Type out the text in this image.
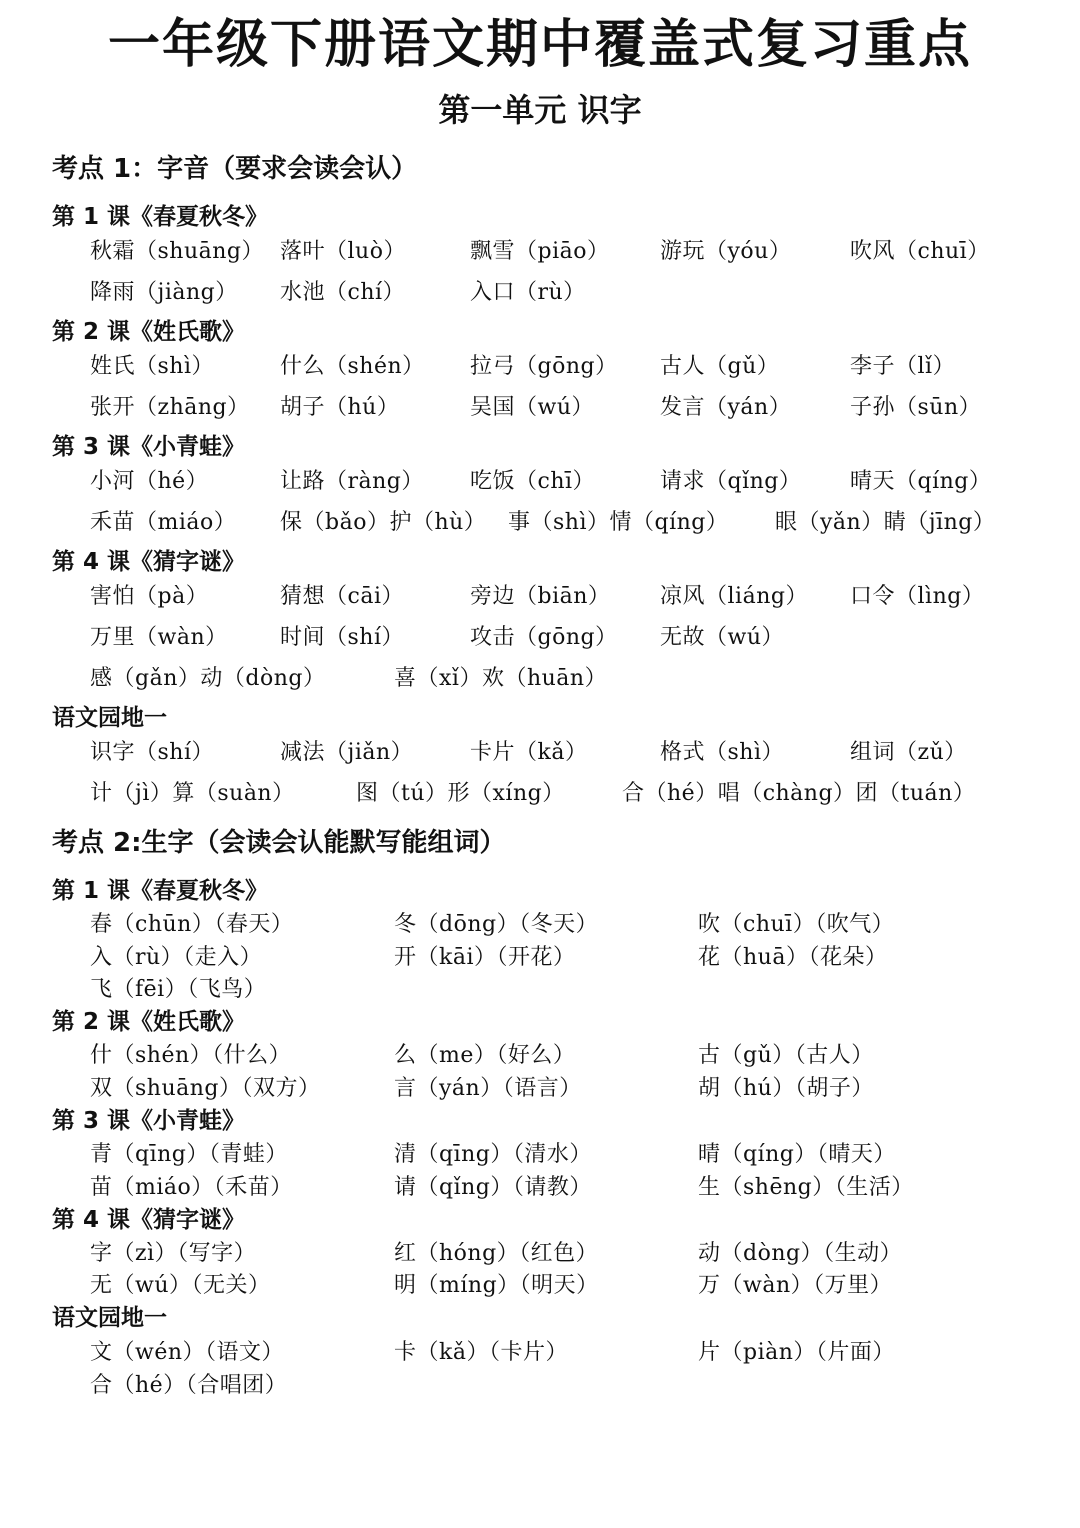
一年级下册语文期中覆盖式复习重点
第一单元 识字
考点 1：字音（要求会读会认）
第 1 课《春夏秋冬》
秋霜（shuāng） 落叶（luò）	飘雪（piāo） 游玩（yóu）	吹风（chuī）
降雨（jiàng） 水池（chí）	入口（rù）
第 2 课《姓氏歌》
姓氏（shì）	什么（shén） 拉弓（gōng） 古人（gǔ）	李子（lǐ）
张开（zhāng） 胡子（hú）	吴国（wú）	发言（yán）	子孙（sūn）
第 3 课《小青蛙》
小河（hé）	让路（ràng） 吃饭（chī）	请求（qǐng） 晴天（qíng）
禾苗（miáo） 保（bǎo）护（hù） 事（shì）情（qíng） 眼（yǎn）睛（jīng）
第 4 课《猜字谜》
害怕（pà）	猜想（cāi）	旁边（biān） 凉风（liáng） 口令（lìng）
万里（wàn） 时间（shí）	攻击（gōng） 无故（wú）
感（gǎn）动（dòng）	喜（xǐ）欢（huān）
语文园地一
识字（shí）	减法（jiǎn）	卡片（kǎ）	格式（shì）	组词（zǔ）
计（jì）算（suàn）	图（tú）形（xíng）	合（hé）唱（chàng）团（tuán）
考点 2:生字（会读会认能默写能组词）
第 1 课《春夏秋冬》
春（chūn）（春天）	冬（dōng）（冬天）	吹（chuī）（吹气）
入（rù）（走入）	开（kāi）（开花）	花（huā）（花朵）
飞（fēi）（飞鸟）
第 2 课《姓氏歌》
什（shén）（什么）	么（me）（好么）	古（gǔ）（古人）
双（shuāng）（双方）	言（yán）（语言）	胡（hú）（胡子）
第 3 课《小青蛙》
青（qīng）（青蛙）	清（qīng）（清水）	晴（qíng）（晴天）
苗（miáo）（禾苗）	请（qǐng）（请教）	生（shēng）（生活）
第 4 课《猜字谜》
字（zì）（写字）	红（hóng）（红色）	动（dòng）（生动）
无（wú）（无关）	明（míng）（明天）	万（wàn）（万里）
语文园地一
文（wén）（语文）	卡（kǎ）（卡片）	片（piàn）（片面）
合（hé）（合唱团）
